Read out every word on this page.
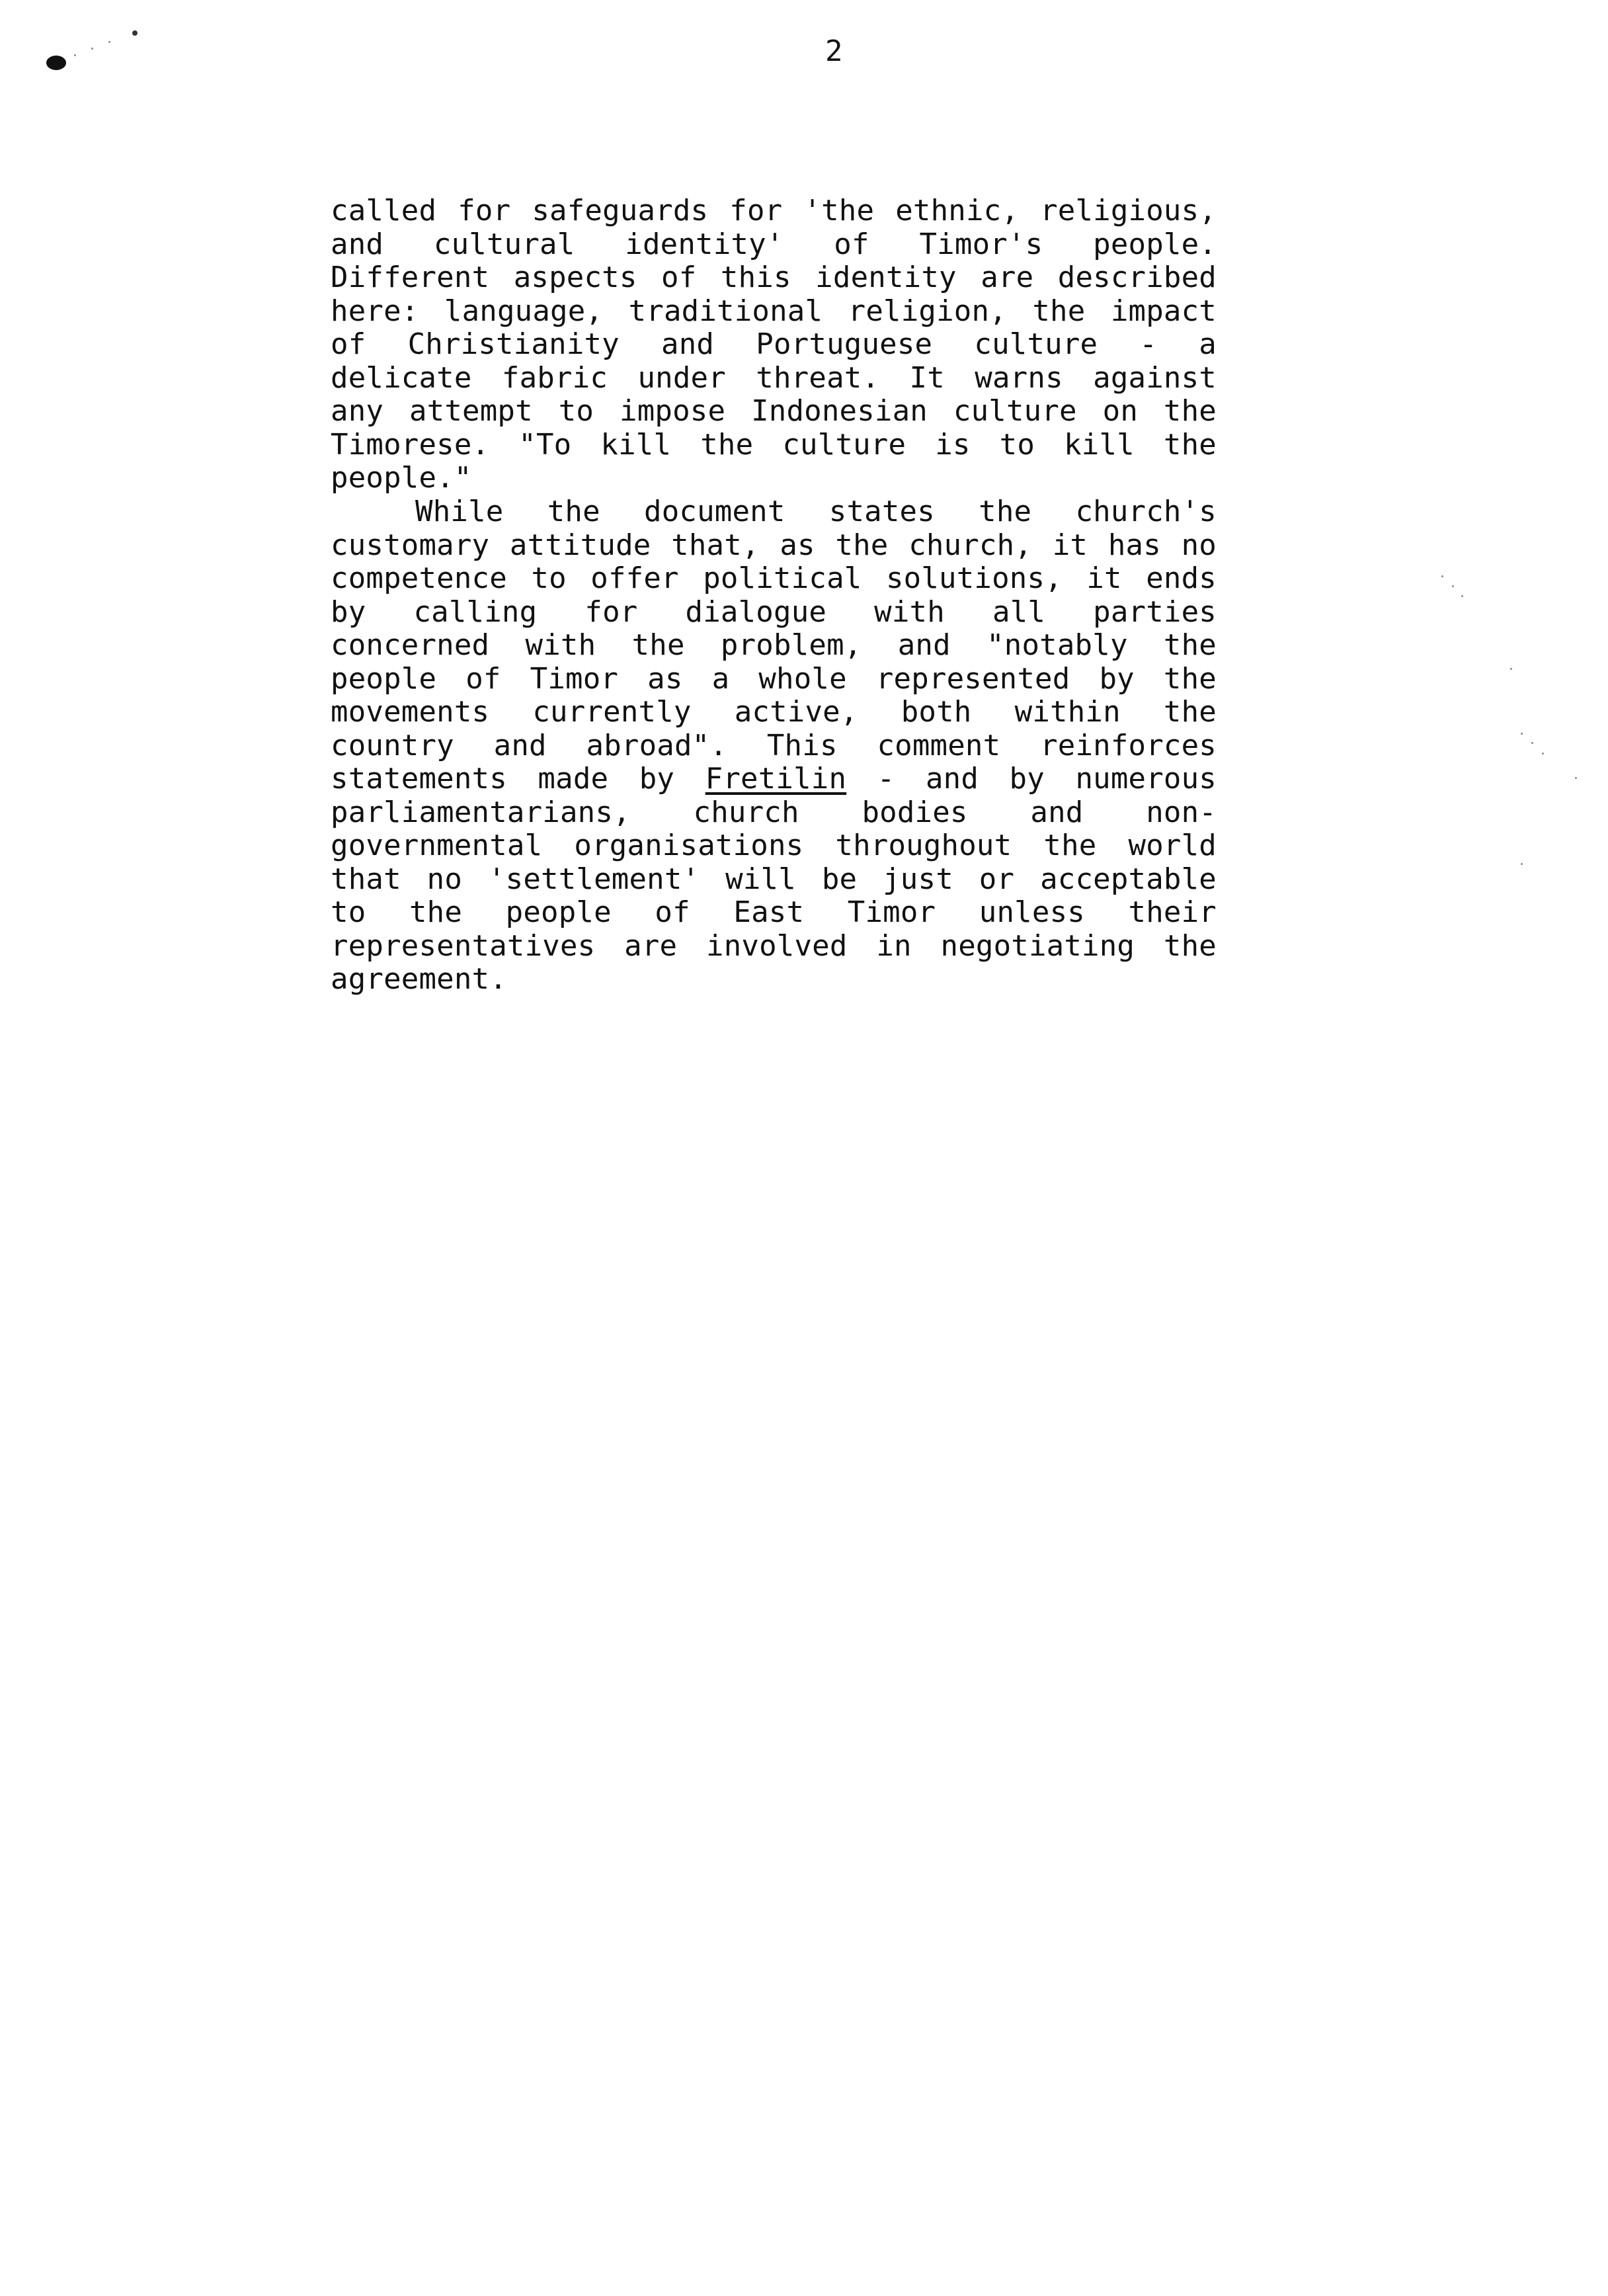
2

called for safeguards for 'the ethnic, religious, and cultural identity' of Timor's people. Different aspects of this identity are described here: language, traditional religion, the impact of Christianity and Portuguese culture - a delicate fabric under threat. It warns against any attempt to impose Indonesian culture on the Timorese. "To kill the culture is to kill the people."

While the document states the church's customary attitude that, as the church, it has no competence to offer political solutions, it ends by calling for dialogue with all parties concerned with the problem, and "notably the people of Timor as a whole represented by the movements currently active, both within the country and abroad". This comment reinforces statements made by Fretilin - and by numerous parliamentarians, church bodies and non-governmental organisations throughout the world that no 'settlement' will be just or acceptable to the people of East Timor unless their representatives are involved in negotiating the agreement.
